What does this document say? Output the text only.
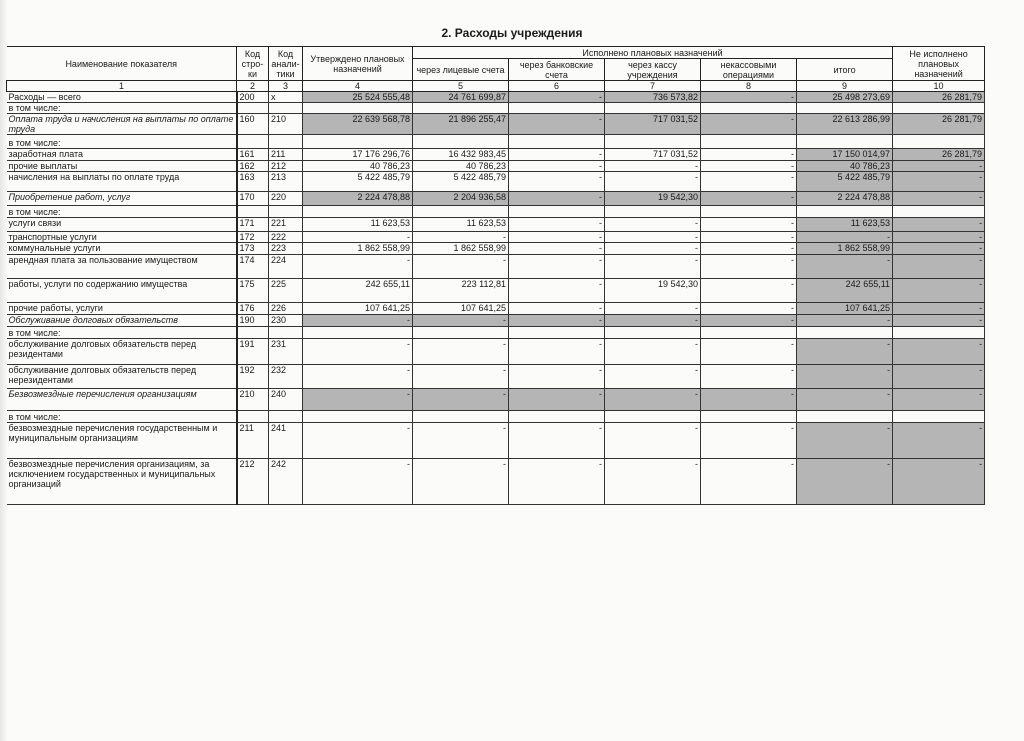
2. Расходы учреждения
Наименование показателя	Код стро-ки	Код анали-тики	Утверждено плановых назначений	Исполнено плановых назначений					Не исполнено плановых назначений
				через лицевые счета	через банковские счета	через кассу учреждения	некассовыми операциями	итого	
1	2	3	4	5	6	7	8	9	10
Расходы — всего	200	x	25 524 555,48	24 761 699,87	-	736 573,82	-	25 498 273,69	26 281,79
в том числе:									
Оплата труда и начисления на выплаты по оплате труда	160	210	22 639 568,78	21 896 255,47	-	717 031,52	-	22 613 286,99	26 281,79
в том числе:									
заработная плата	161	211	17 176 296,76	16 432 983,45	-	717 031,52	-	17 150 014,97	26 281,79
прочие выплаты	162	212	40 786,23	40 786,23	-	-	-	40 786,23	-
начисления на выплаты по оплате труда	163	213	5 422 485,79	5 422 485,79	-	-	-	5 422 485,79	-
Приобретение работ, услуг	170	220	2 224 478,88	2 204 936,58	-	19 542,30	-	2 224 478,88	-
в том числе:									
услуги связи	171	221	11 623,53	11 623,53	-	-	-	11 623,53	-
транспортные услуги	172	222	-	-	-	-	-	-	-
коммунальные услуги	173	223	1 862 558,99	1 862 558,99	-	-	-	1 862 558,99	-
арендная плата за пользование имуществом	174	224	-	-	-	-	-	-	-
работы, услуги по содержанию имущества	175	225	242 655,11	223 112,81	-	19 542,30	-	242 655,11	-
прочие работы, услуги	176	226	107 641,25	107 641,25	-	-	-	107 641,25	-
Обслуживание долговых обязательств	190	230	-	-	-	-	-	-	-
в том числе:									
обслуживание долговых обязательств перед резидентами	191	231	-	-	-	-	-	-	-
обслуживание долговых обязательств перед нерезидентами	192	232	-	-	-	-	-	-	-
Безвозмездные перечисления организациям	210	240	-	-	-	-	-	-	-
в том числе:									
безвозмездные перечисления государственным и муниципальным организациям	211	241	-	-	-	-	-	-	-
безвозмездные перечисления организациям, за исключением государственных и муниципальных организаций	212	242	-	-	-	-	-	-	-
